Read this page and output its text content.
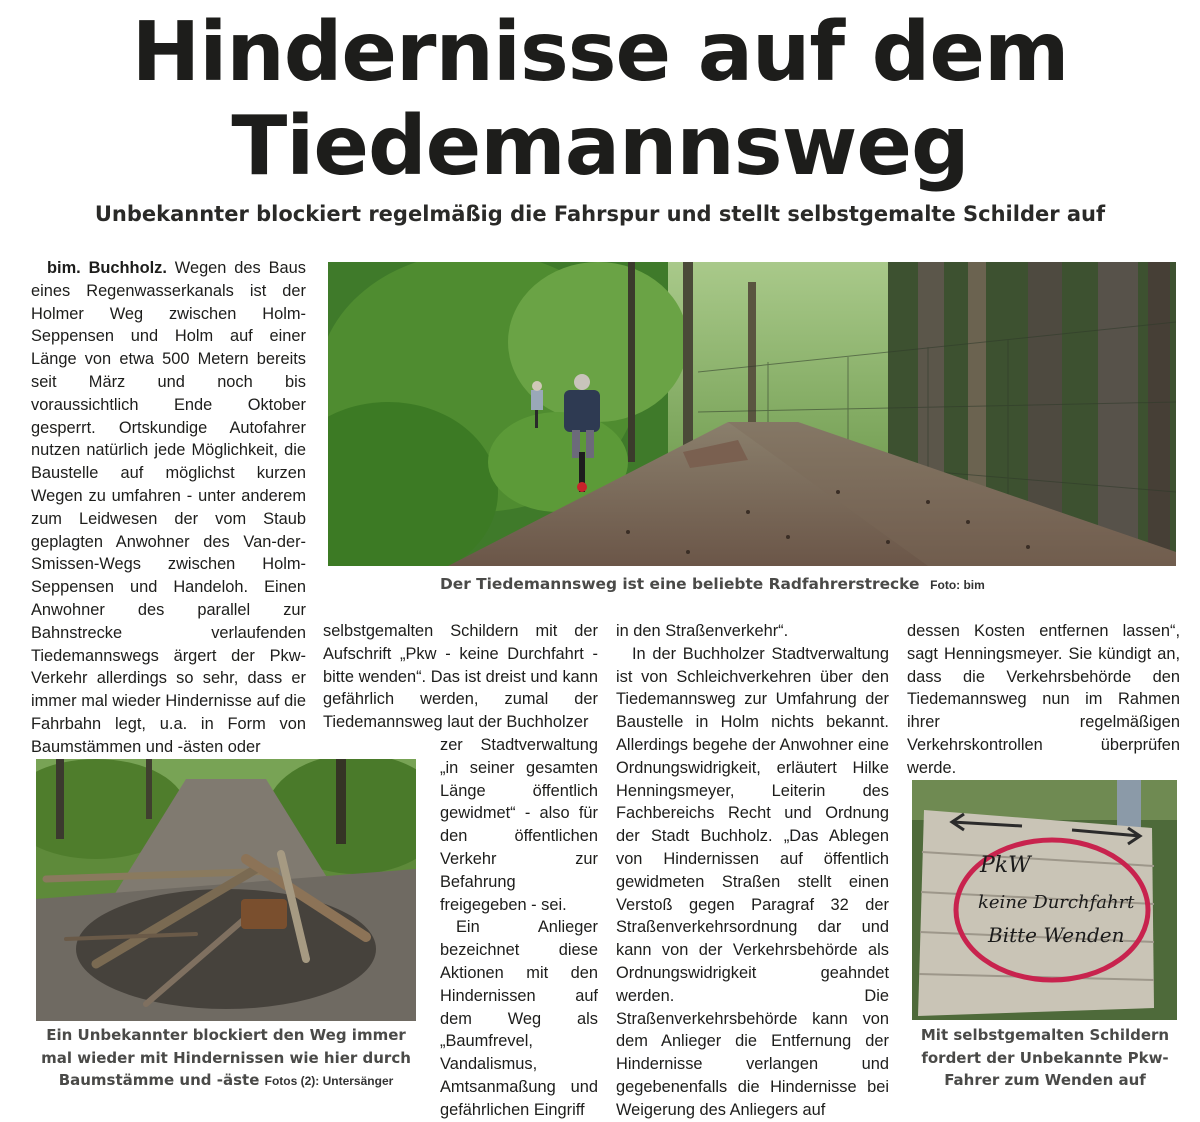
Hindernisse auf dem
Tiedemannsweg
Unbekannter blockiert regelmäßig die Fahrspur und stellt selbstgemalte Schilder auf

bim. Buchholz. Wegen des Baus eines Regenwasserkanals ist der Holmer Weg zwischen Holm-Seppensen und Holm auf einer Länge von etwa 500 Metern bereits seit März und noch bis voraussichtlich Ende Oktober gesperrt. Ortskundige Autofahrer nutzen natürlich jede Möglichkeit, die Baustelle auf möglichst kurzen Wegen zu umfahren - unter anderem zum Leidwesen der vom Staub geplagten Anwohner des Van-der-Smissen-Wegs zwischen Holm-Seppensen und Handeloh. Einen Anwohner des parallel zur Bahnstrecke verlaufenden Tiedemannswegs ärgert der Pkw-Verkehr allerdings so sehr, dass er immer mal wieder Hindernisse auf die Fahrbahn legt, u.a. in Form von Baumstämmen und -ästen oder

Der Tiedemannsweg ist eine beliebte Radfahrerstrecke Foto: bim

selbstgemalten Schildern mit der Aufschrift „Pkw - keine Durchfahrt - bitte wenden“. Das ist dreist und kann gefährlich werden, zumal der Tiedemannsweg laut der Buchholzer

zer Stadtverwaltung „in seiner gesamten Länge öffentlich gewidmet“ - also für den öffentlichen Verkehr zur Befahrung freigegeben - sei.

Ein Anlieger bezeichnet diese Aktionen mit den Hindernissen auf dem Weg als „Baumfrevel, Vandalismus, Amtsanmaßung und gefährlichen Eingriff

in den Straßenverkehr“.

In der Buchholzer Stadtverwaltung ist von Schleichverkehren über den Tiedemannsweg zur Umfahrung der Baustelle in Holm nichts bekannt. Allerdings begehe der Anwohner eine Ordnungswidrigkeit, erläutert Hilke Henningsmeyer, Leiterin des Fachbereichs Recht und Ordnung der Stadt Buchholz. „Das Ablegen von Hindernissen auf öffentlich gewidmeten Straßen stellt einen Verstoß gegen Paragraf 32 der Straßenverkehrsordnung dar und kann von der Verkehrsbehörde als Ordnungswidrigkeit geahndet werden. Die Straßenverkehrsbehörde kann von dem Anlieger die Entfernung der Hindernisse verlangen und gegebenenfalls die Hindernisse bei Weigerung des Anliegers auf

dessen Kosten entfernen lassen“, sagt Henningsmeyer. Sie kündigt an, dass die Verkehrsbehörde den Tiedemannsweg nun im Rahmen ihrer regelmäßigen Verkehrskontrollen überprüfen werde.

Ein Unbekannter blockiert den Weg immer mal wieder mit Hindernissen wie hier durch Baumstämme und -äste Fotos (2): Untersänger
PkW
keine Durchfahrt
Bitte Wenden
Mit selbstgemalten Schildern fordert der Unbekannte Pkw-Fahrer zum Wenden auf
